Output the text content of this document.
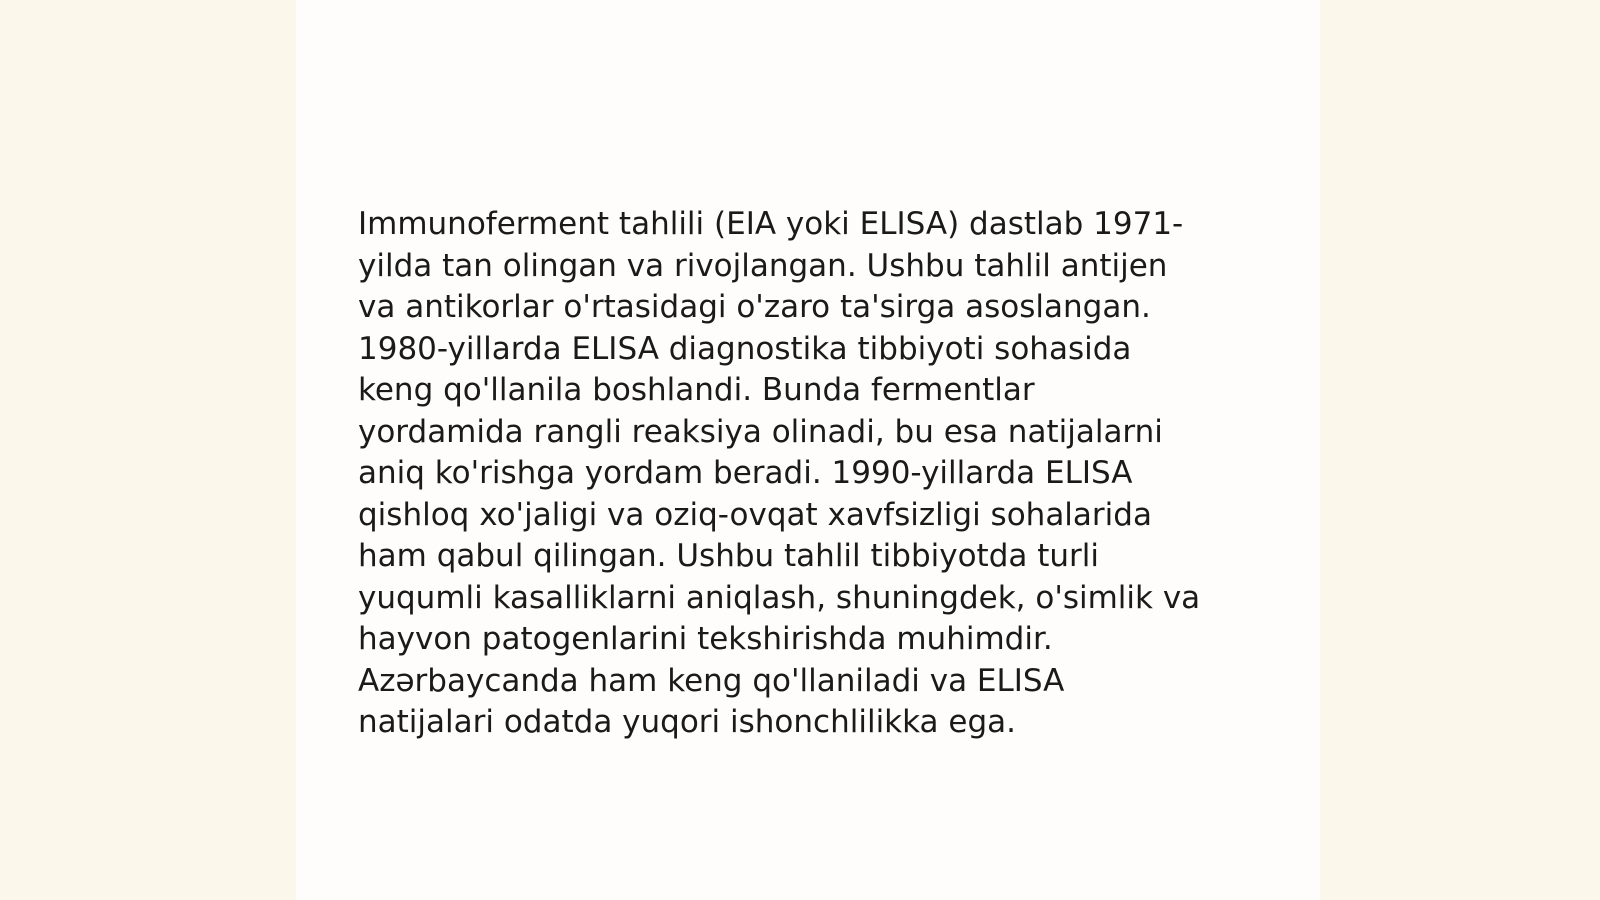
Immunoferment tahlili (EIA yoki ELISA) dastlab 1971-
yilda tan olingan va rivojlangan. Ushbu tahlil antijen
va antikorlar o'rtasidagi o'zaro ta'sirga asoslangan.
1980-yillarda ELISA diagnostika tibbiyoti sohasida
keng qo'llanila boshlandi. Bunda fermentlar
yordamida rangli reaksiya olinadi, bu esa natijalarni
aniq ko'rishga yordam beradi. 1990-yillarda ELISA
qishloq xo'jaligi va oziq-ovqat xavfsizligi sohalarida
ham qabul qilingan. Ushbu tahlil tibbiyotda turli
yuqumli kasalliklarni aniqlash, shuningdek, o'simlik va
hayvon patogenlarini tekshirishda muhimdir.
Azərbaycanda ham keng qo'llaniladi va ELISA
natijalari odatda yuqori ishonchlilikka ega.
